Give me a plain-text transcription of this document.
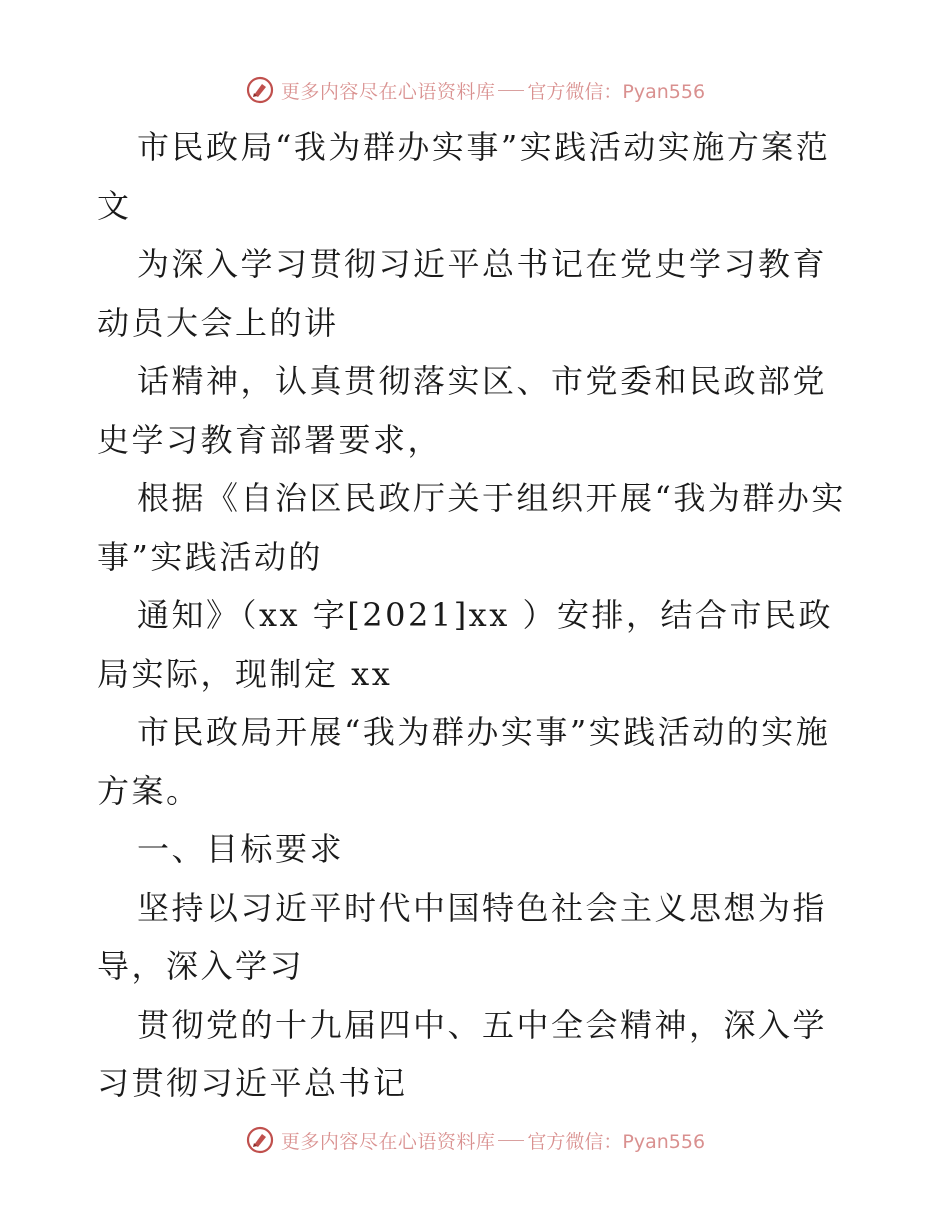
更多内容尽在心语资料库 官方微信：Pyan556

市民政局“我为群办实事”实践活动实施方案范文

为深入学习贯彻习近平总书记在党史学习教育动员大会上的讲

话精神，认真贯彻落实区、市党委和民政部党史学习教育部署要求，

根据《自治区民政厅关于组织开展“我为群办实事”实践活动的

通知》（xx 字[2021]xx ）安排，结合市民政局实际，现制定 xx

市民政局开展“我为群办实事”实践活动的实施方案。

一、目标要求

坚持以习近平时代中国特色社会主义思想为指导，深入学习

贯彻党的十九届四中、五中全会精神，深入学习贯彻习近平总书记

更多内容尽在心语资料库 官方微信：Pyan556
